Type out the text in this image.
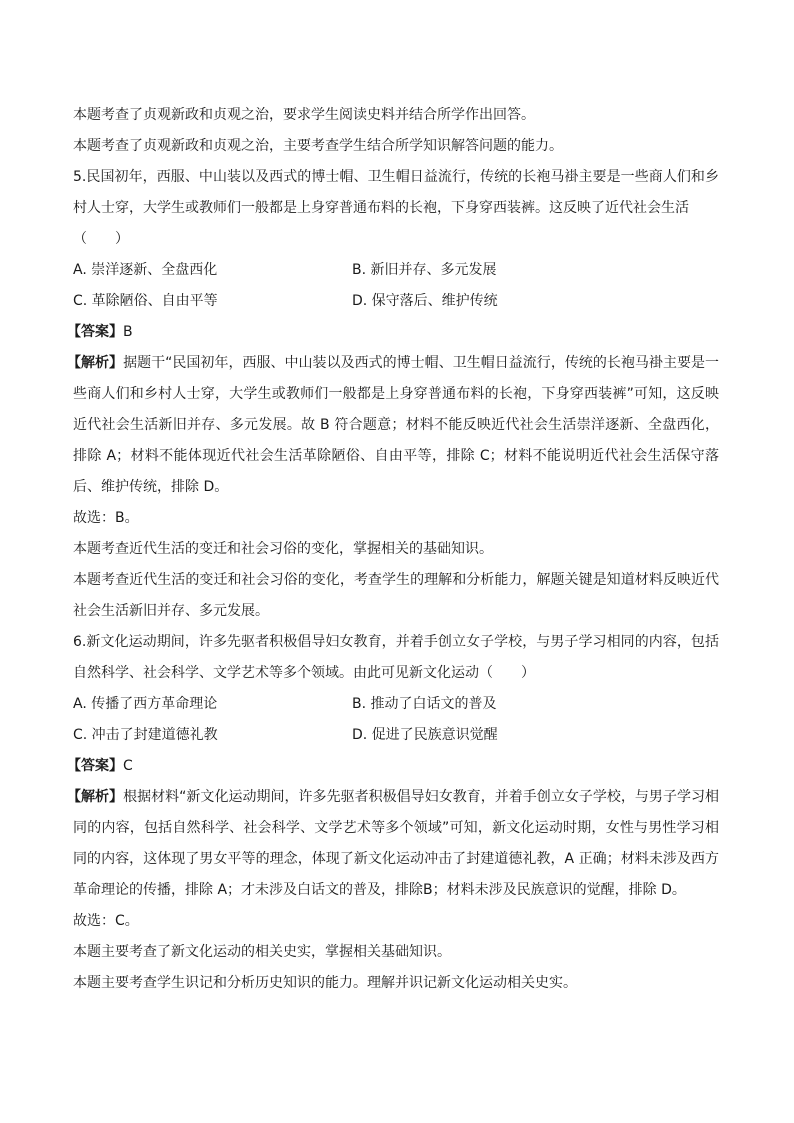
本题考查了贞观新政和贞观之治，要求学生阅读史料并结合所学作出回答。
本题考查了贞观新政和贞观之治，主要考查学生结合所学知识解答问题的能力。
5.民国初年，西服、中山装以及西式的博士帽、卫生帽日益流行，传统的长袍马褂主要是一些商人们和乡村人士穿，大学生或教师们一般都是上身穿普通布料的长袍，下身穿西装裤。这反映了近代社会生活
（　　）
A. 崇洋逐新、全盘西化	B. 新旧并存、多元发展
C. 革除陋俗、自由平等	D. 保守落后、维护传统
【答案】B
【解析】据题干“民国初年，西服、中山装以及西式的博士帽、卫生帽日益流行，传统的长袍马褂主要是一些商人们和乡村人士穿，大学生或教师们一般都是上身穿普通布料的长袍，下身穿西装裤”可知，这反映近代社会生活新旧并存、多元发展。故 B 符合题意；材料不能反映近代社会生活崇洋逐新、全盘西化，排除 A；材料不能体现近代社会生活革除陋俗、自由平等，排除 C；材料不能说明近代社会生活保守落后、维护传统，排除 D。
故选：B。
本题考查近代生活的变迁和社会习俗的变化，掌握相关的基础知识。
本题考查近代生活的变迁和社会习俗的变化，考查学生的理解和分析能力，解题关键是知道材料反映近代社会生活新旧并存、多元发展。
6.新文化运动期间，许多先驱者积极倡导妇女教育，并着手创立女子学校，与男子学习相同的内容，包括自然科学、社会科学、文学艺术等多个领域。由此可见新文化运动（　　）
A. 传播了西方革命理论	B. 推动了白话文的普及
C. 冲击了封建道德礼教	D. 促进了民族意识觉醒
【答案】C
【解析】根据材料“新文化运动期间，许多先驱者积极倡导妇女教育，并着手创立女子学校，与男子学习相同的内容，包括自然科学、社会科学、文学艺术等多个领域”可知，新文化运动时期，女性与男性学习相同的内容，这体现了男女平等的理念，体现了新文化运动冲击了封建道德礼教，A 正确；材料未涉及西方革命理论的传播，排除 A；才未涉及白话文的普及，排除B；材料未涉及民族意识的觉醒，排除 D。
故选：C。
本题主要考查了新文化运动的相关史实，掌握相关基础知识。
本题主要考查学生识记和分析历史知识的能力。理解并识记新文化运动相关史实。
